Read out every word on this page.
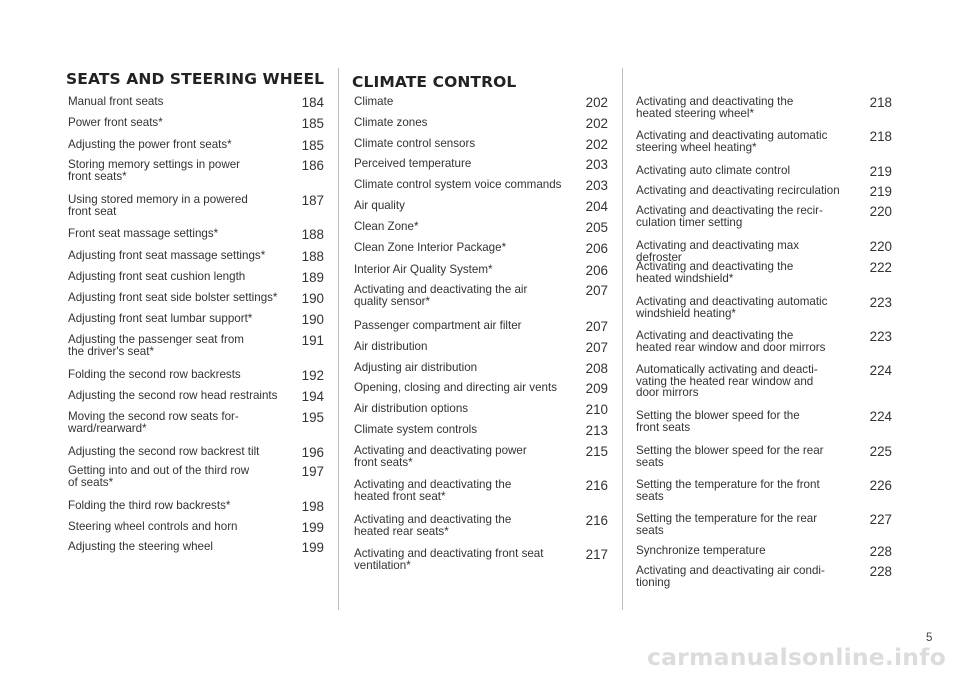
SEATS AND STEERING WHEEL
Manual front seats	184
Power front seats*	185
Adjusting the power front seats*	185
Storing memory settings in power
front seats*
186
Using stored memory in a powered
front seat
187
Front seat massage settings*	188
Adjusting front seat massage settings*	188
Adjusting front seat cushion length	189
Adjusting front seat side bolster settings*	190
Adjusting front seat lumbar support*	190
Adjusting the passenger seat from
the driver's seat*
191
Folding the second row backrests	192
Adjusting the second row head restraints	194
Moving the second row seats for-
ward/rearward*
195
Adjusting the second row backrest tilt	196
Getting into and out of the third row
of seats*
197
Folding the third row backrests*	198
Steering wheel controls and horn	199
Adjusting the steering wheel	199
CLIMATE CONTROL
Climate	202
Climate zones	202
Climate control sensors	202
Perceived temperature	203
Climate control system voice commands	203
Air quality	204
Clean Zone*	205
Clean Zone Interior Package*	206
Interior Air Quality System*	206
Activating and deactivating the air
quality sensor*
207
Passenger compartment air filter	207
Air distribution	207
Adjusting air distribution	208
Opening, closing and directing air vents	209
Air distribution options	210
Climate system controls	213
Activating and deactivating power
front seats*
215
Activating and deactivating the
heated front seat*
216
Activating and deactivating the
heated rear seats*
216
Activating and deactivating front seat
ventilation*
217
Activating and deactivating the
heated steering wheel*
218
Activating and deactivating automatic
steering wheel heating*
218
Activating auto climate control	219
Activating and deactivating recirculation	219
Activating and deactivating the recir-
culation timer setting
220
Activating and deactivating max defroster
220
Activating and deactivating the
heated windshield*
222
Activating and deactivating automatic
windshield heating*
223
Activating and deactivating the
heated rear window and door mirrors
223
Automatically activating and deacti-
vating the heated rear window and
door mirrors
224
Setting the blower speed for the
front seats
224
Setting the blower speed for the rear
seats
225
Setting the temperature for the front
seats
226
Setting the temperature for the rear
seats
227
Synchronize temperature	228
Activating and deactivating air condi-
tioning
228
5
carmanualsonline.info
